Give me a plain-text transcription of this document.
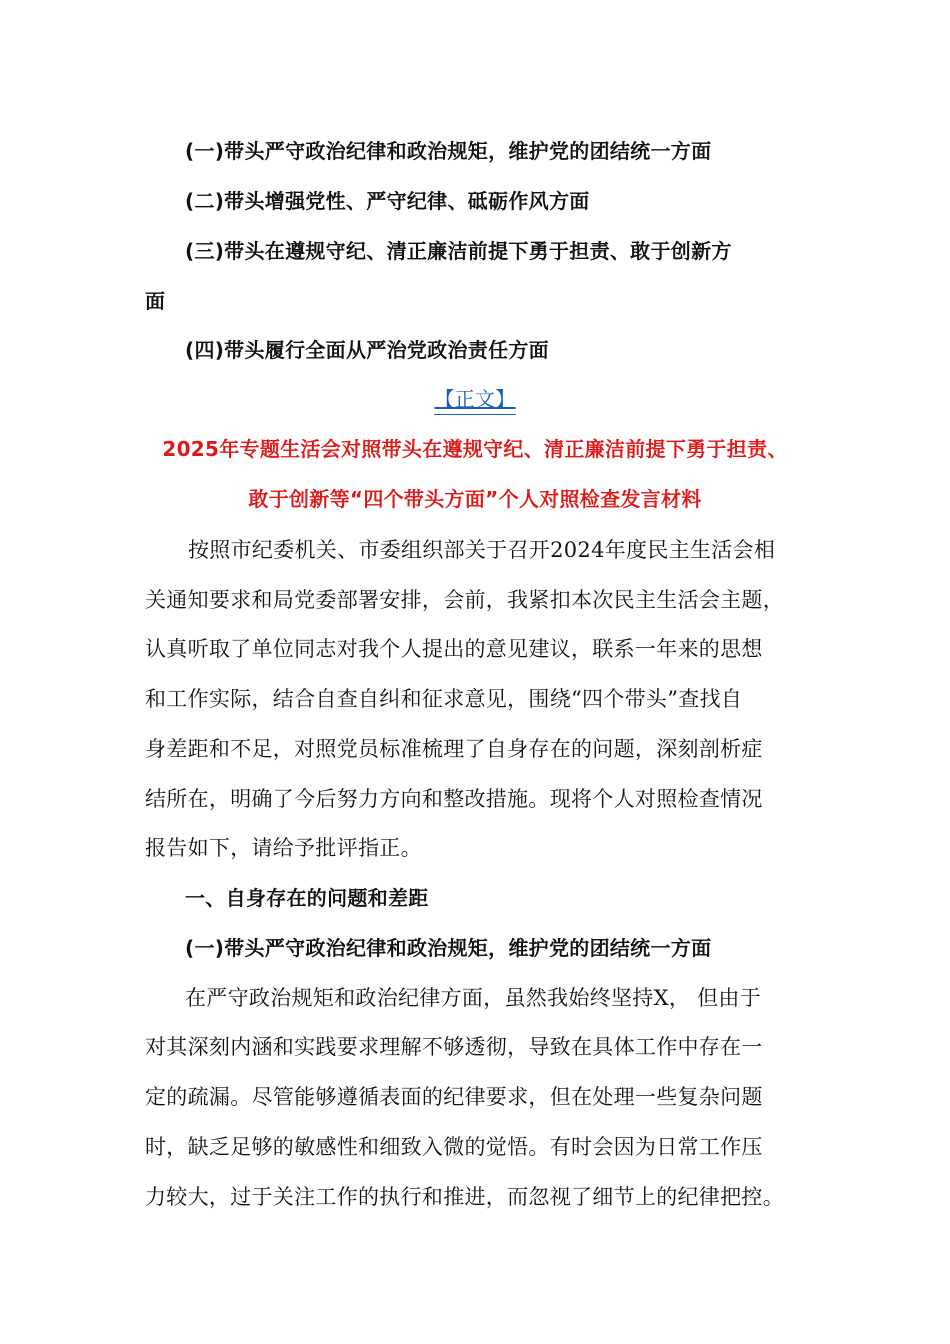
(一)带头严守政治纪律和政治规矩，维护党的团结统一方面
(二)带头增强党性、严守纪律、砥砺作风方面
(三)带头在遵规守纪、清正廉洁前提下勇于担责、敢于创新方
面
(四)带头履行全面从严治党政治责任方面
【正文】
2025年专题生活会对照带头在遵规守纪、清正廉洁前提下勇于担责、
敢于创新等“四个带头方面”个人对照检查发言材料
按照市纪委机关、市委组织部关于召开2024年度民主生活会相
关通知要求和局党委部署安排，会前，我紧扣本次民主生活会主题，
认真听取了单位同志对我个人提出的意见建议，联系一年来的思想
和工作实际，结合自查自纠和征求意见，围绕“四个带头”查找自
身差距和不足，对照党员标准梳理了自身存在的问题，深刻剖析症
结所在，明确了今后努力方向和整改措施。现将个人对照检查情况
报告如下，请给予批评指正。
一、自身存在的问题和差距
(一)带头严守政治纪律和政治规矩，维护党的团结统一方面
在严守政治规矩和政治纪律方面，虽然我始终坚持X， 但由于
对其深刻内涵和实践要求理解不够透彻，导致在具体工作中存在一
定的疏漏。尽管能够遵循表面的纪律要求，但在处理一些复杂问题
时，缺乏足够的敏感性和细致入微的觉悟。有时会因为日常工作压
力较大，过于关注工作的执行和推进，而忽视了细节上的纪律把控。
